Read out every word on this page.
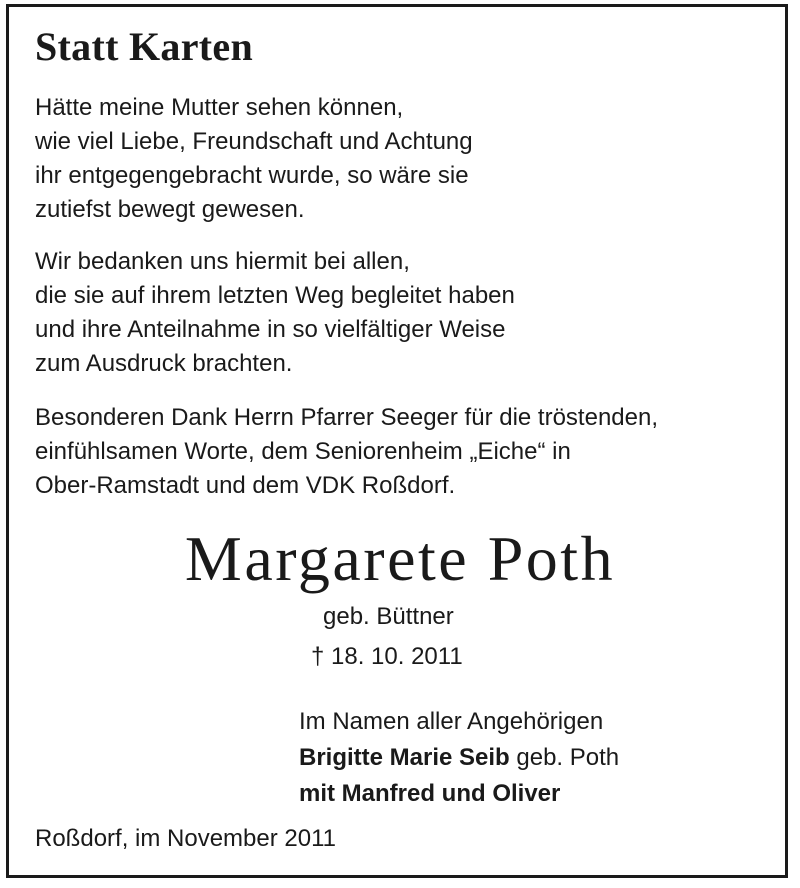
Statt Karten

Hätte meine Mutter sehen können,
wie viel Liebe, Freundschaft und Achtung
ihr entgegengebracht wurde, so wäre sie
zutiefst bewegt gewesen.

Wir bedanken uns hiermit bei allen,
die sie auf ihrem letzten Weg begleitet haben
und ihre Anteilnahme in so vielfältiger Weise
zum Ausdruck brachten.

Besonderen Dank Herrn Pfarrer Seeger für die tröstenden,
einfühlsamen Worte, dem Seniorenheim „Eiche“ in
Ober-Ramstadt und dem VDK Roßdorf.

Margarete Poth
geb. Büttner
† 18. 10. 2011
Im Namen aller Angehörigen
Brigitte Marie Seib geb. Poth
mit Manfred und Oliver
Roßdorf, im November 2011
